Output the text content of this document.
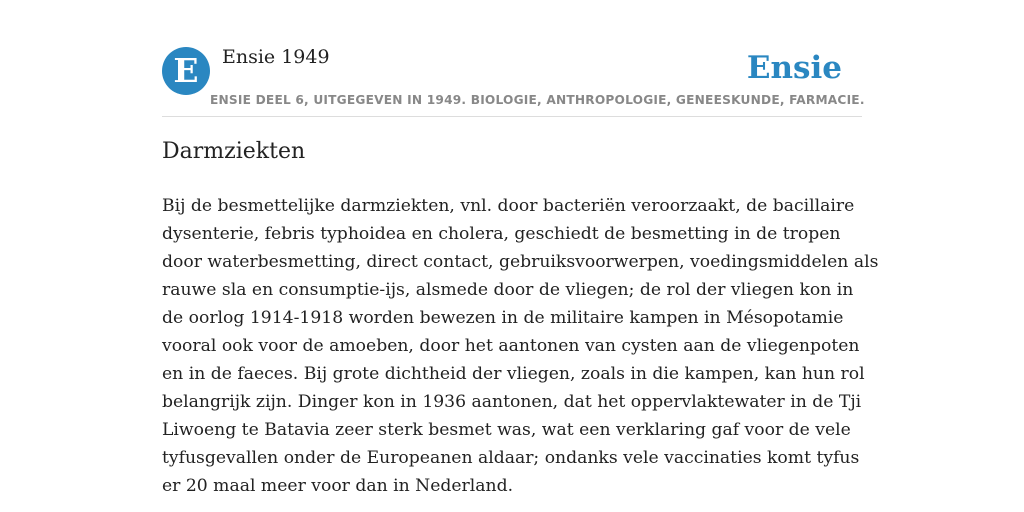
E	Ensie 1949	Ensie
ENSIE DEEL 6, UITGEGEVEN IN 1949. BIOLOGIE, ANTHROPOLOGIE, GENEESKUNDE, FARMACIE.
Darmziekten

Bij de besmettelijke darmziekten, vnl. door bacteriën veroorzaakt, de bacillaire
dysenterie, febris typhoidea en cholera, geschiedt de besmetting in de tropen
door waterbesmetting, direct contact, gebruiksvoorwerpen, voedingsmiddelen als
rauwe sla en consumptie-ijs, alsmede door de vliegen; de rol der vliegen kon in
de oorlog 1914-1918 worden bewezen in de militaire kampen in Mésopotamie
vooral ook voor de amoeben, door het aantonen van cysten aan de vliegenpoten
en in de faeces. Bij grote dichtheid der vliegen, zoals in die kampen, kan hun rol
belangrijk zijn. Dinger kon in 1936 aantonen, dat het oppervlaktewater in de Tji
Liwoeng te Batavia zeer sterk besmet was, wat een verklaring gaf voor de vele
tyfusgevallen onder de Europeanen aldaar; ondanks vele vaccinaties komt tyfus
er 20 maal meer voor dan in Nederland.
